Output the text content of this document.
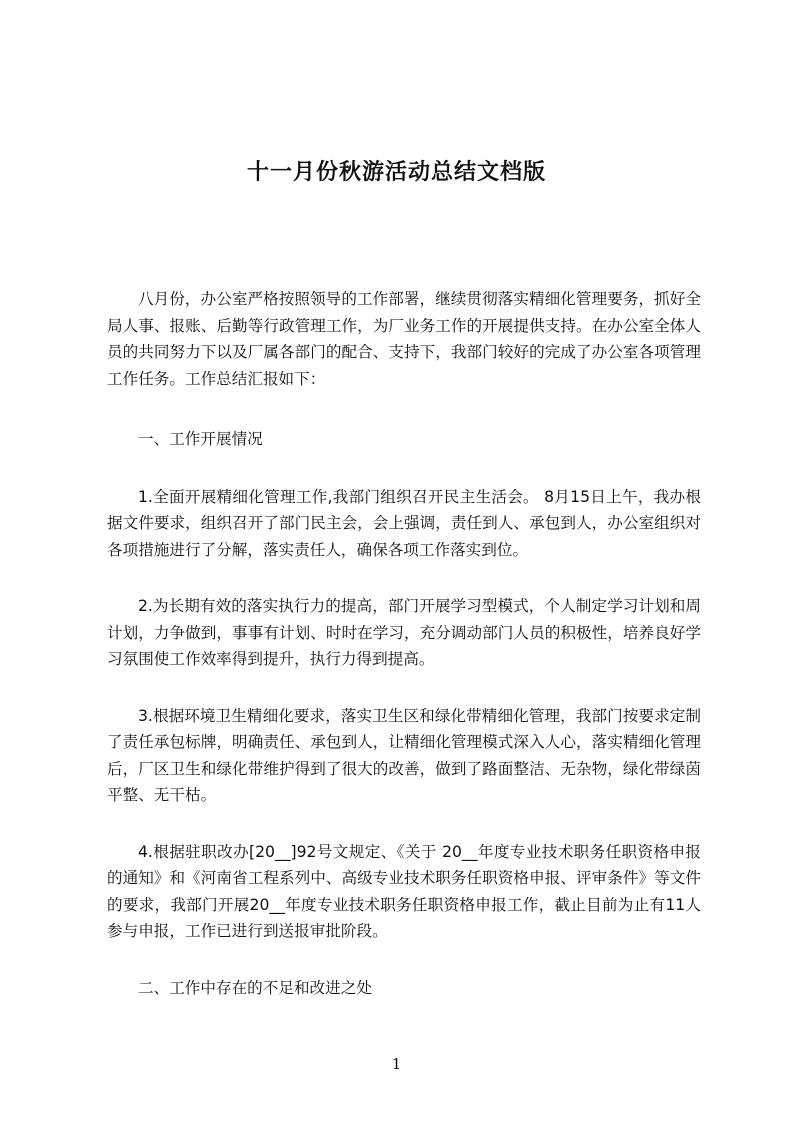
十一月份秋游活动总结文档版

八月份，办公室严格按照领导的工作部署，继续贯彻落实精细化管理要务，抓好全局人事、报账、后勤等行政管理工作，为厂业务工作的开展提供支持。在办公室全体人员的共同努力下以及厂属各部门的配合、支持下，我部门较好的完成了办公室各项管理工作任务。工作总结汇报如下：

一、工作开展情况

1.全面开展精细化管理工作,我部门组织召开民主生活会。 8月15日上午，我办根据文件要求，组织召开了部门民主会，会上强调，责任到人、承包到人，办公室组织对各项措施进行了分解，落实责任人，确保各项工作落实到位。

2.为长期有效的落实执行力的提高，部门开展学习型模式，个人制定学习计划和周计划，力争做到，事事有计划、时时在学习，充分调动部门人员的积极性，培养良好学习氛围使工作效率得到提升，执行力得到提高。

3.根据环境卫生精细化要求，落实卫生区和绿化带精细化管理，我部门按要求定制了责任承包标牌，明确责任、承包到人，让精细化管理模式深入人心，落实精细化管理后，厂区卫生和绿化带维护得到了很大的改善，做到了路面整洁、无杂物，绿化带绿茵平整、无干枯。

4.根据驻职改办[20__]92号文规定、《关于 20__年度专业技术职务任职资格申报的通知》和《河南省工程系列中、高级专业技术职务任职资格申报、评审条件》等文件的要求，我部门开展20__年度专业技术职务任职资格申报工作，截止目前为止有11人参与申报，工作已进行到送报审批阶段。

二、工作中存在的不足和改进之处

1
